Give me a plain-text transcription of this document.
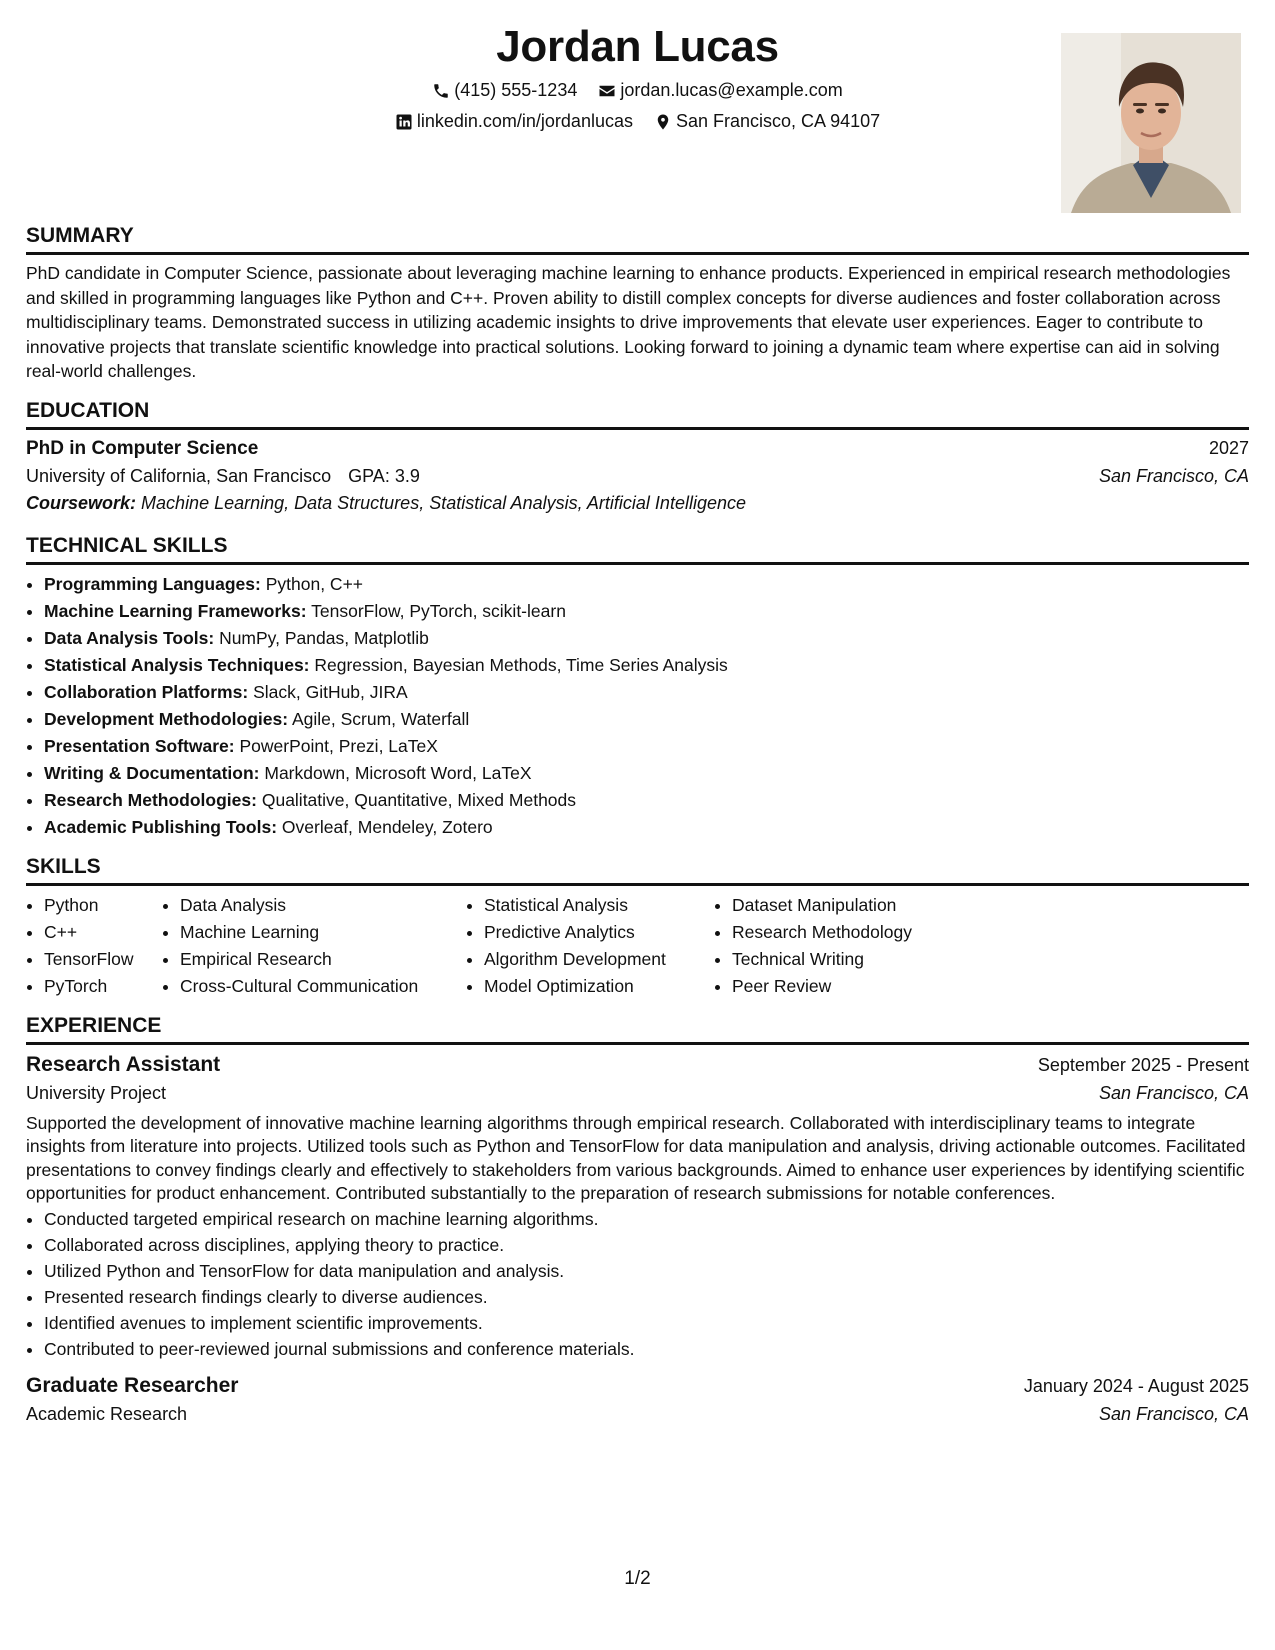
Jordan Lucas
(415) 555-1234
jordan.lucas@example.com
linkedin.com/in/jordanlucas
San Francisco, CA 94107
SUMMARY

PhD candidate in Computer Science, passionate about leveraging machine learning to enhance products. Experienced in empirical research methodologies and skilled in programming languages like Python and C++. Proven ability to distill complex concepts for diverse audiences and foster collaboration across multidisciplinary teams. Demonstrated success in utilizing academic insights to drive improvements that elevate user experiences. Eager to contribute to innovative projects that translate scientific knowledge into practical solutions. Looking forward to joining a dynamic team where expertise can aid in solving real-world challenges.

EDUCATION
PhD in Computer Science	2027
University of California, San Francisco GPA: 3.9	San Francisco, CA
Coursework: Machine Learning, Data Structures, Statistical Analysis, Artificial Intelligence
TECHNICAL SKILLS
• Programming Languages: Python, C++
• Machine Learning Frameworks: TensorFlow, PyTorch, scikit-learn
• Data Analysis Tools: NumPy, Pandas, Matplotlib
• Statistical Analysis Techniques: Regression, Bayesian Methods, Time Series Analysis
• Collaboration Platforms: Slack, GitHub, JIRA
• Development Methodologies: Agile, Scrum, Waterfall
• Presentation Software: PowerPoint, Prezi, LaTeX
• Writing & Documentation: Markdown, Microsoft Word, LaTeX
• Research Methodologies: Qualitative, Quantitative, Mixed Methods
• Academic Publishing Tools: Overleaf, Mendeley, Zotero
SKILLS
• Python
• C++
• TensorFlow
• PyTorch
• Data Analysis
• Machine Learning
• Empirical Research
• Cross-Cultural Communication
• Statistical Analysis
• Predictive Analytics
• Algorithm Development
• Model Optimization
• Dataset Manipulation
• Research Methodology
• Technical Writing
• Peer Review
EXPERIENCE
Research Assistant	September 2025 - Present
University Project	San Francisco, CA

Supported the development of innovative machine learning algorithms through empirical research. Collaborated with interdisciplinary teams to integrate insights from literature into projects. Utilized tools such as Python and TensorFlow for data manipulation and analysis, driving actionable outcomes. Facilitated presentations to convey findings clearly and effectively to stakeholders from various backgrounds. Aimed to enhance user experiences by identifying scientific opportunities for product enhancement. Contributed substantially to the preparation of research submissions for notable conferences.

• Conducted targeted empirical research on machine learning algorithms.
• Collaborated across disciplines, applying theory to practice.
• Utilized Python and TensorFlow for data manipulation and analysis.
• Presented research findings clearly to diverse audiences.
• Identified avenues to implement scientific improvements.
• Contributed to peer-reviewed journal submissions and conference materials.
Graduate Researcher	January 2024 - August 2025
Academic Research	San Francisco, CA
1/2
